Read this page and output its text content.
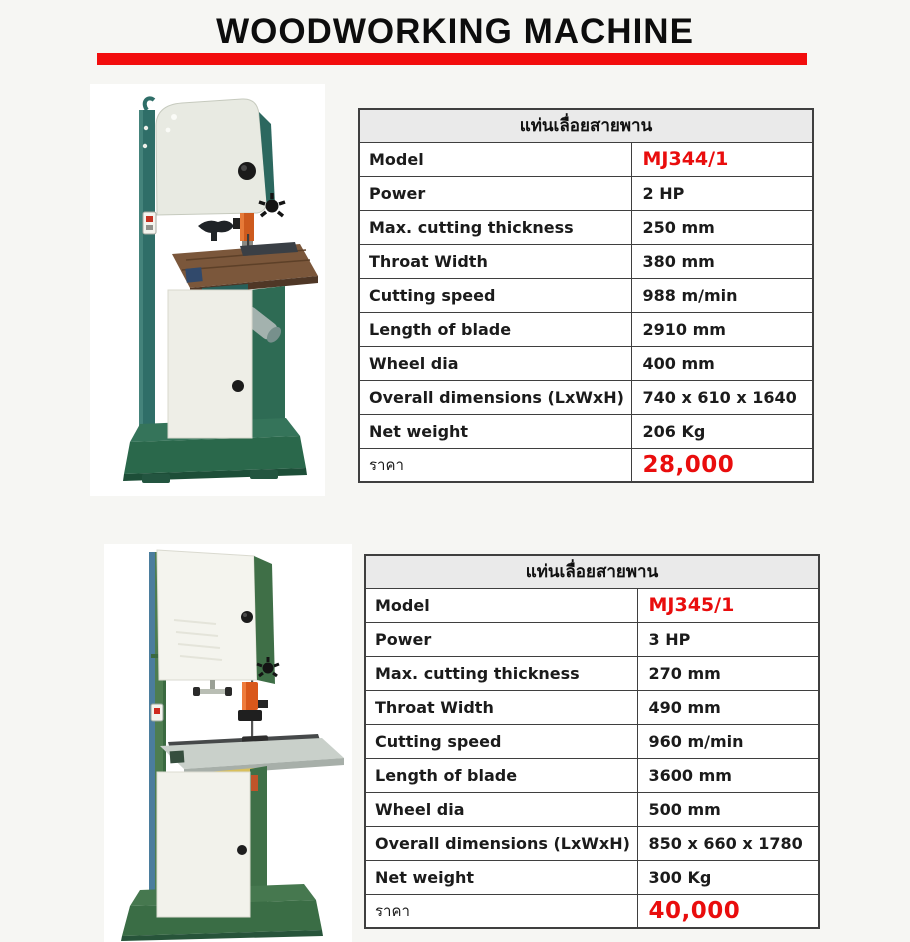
WOODWORKING MACHINE
แท่นเลื่อยสายพาน	
Model	MJ344/1
Power	2 HP
Max. cutting thickness	250 mm
Throat Width	380 mm
Cutting speed	988 m/min
Length of blade	2910 mm
Wheel dia	400 mm
Overall dimensions (LxWxH)	740 x 610 x 1640
Net weight	206 Kg
ราคา	28,000
แท่นเลื่อยสายพาน	
Model	MJ345/1
Power	3 HP
Max. cutting thickness	270 mm
Throat Width	490 mm
Cutting speed	960 m/min
Length of blade	3600 mm
Wheel dia	500 mm
Overall dimensions (LxWxH)	850 x 660 x 1780
Net weight	300 Kg
ราคา	40,000
